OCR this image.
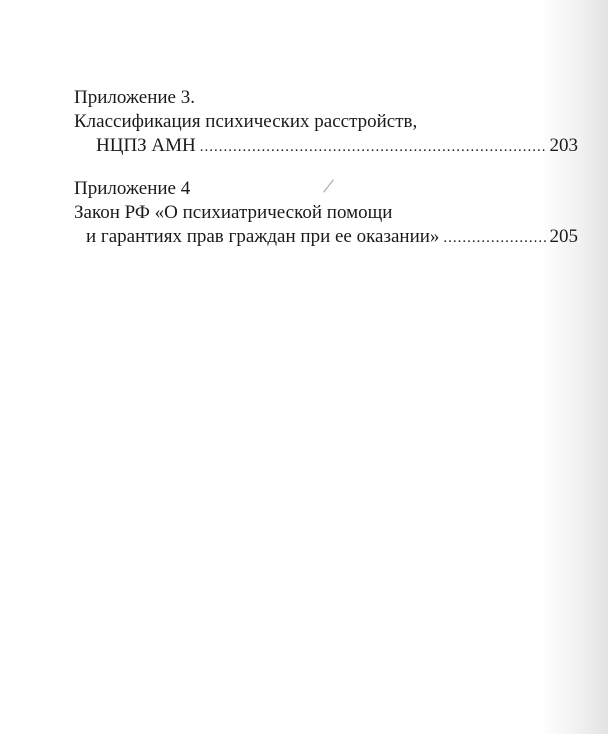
Приложение 3.
Классификация психических расстройств,
НЦПЗ АМН .....	203
Приложение 4
Закон РФ «О психиатрической помощи
и гарантиях прав граждан при ее оказании» .....	205
